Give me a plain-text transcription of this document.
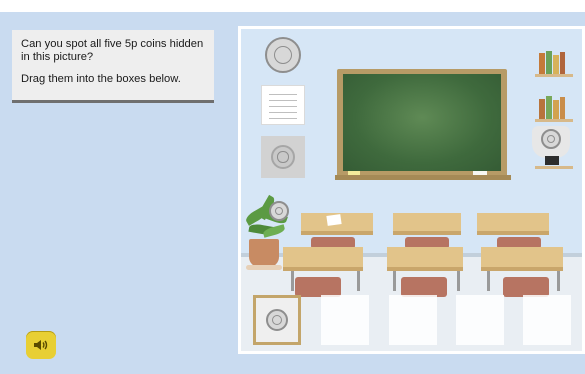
Can you spot all five 5p coins hidden in this picture?

Drag them into the boxes below.
